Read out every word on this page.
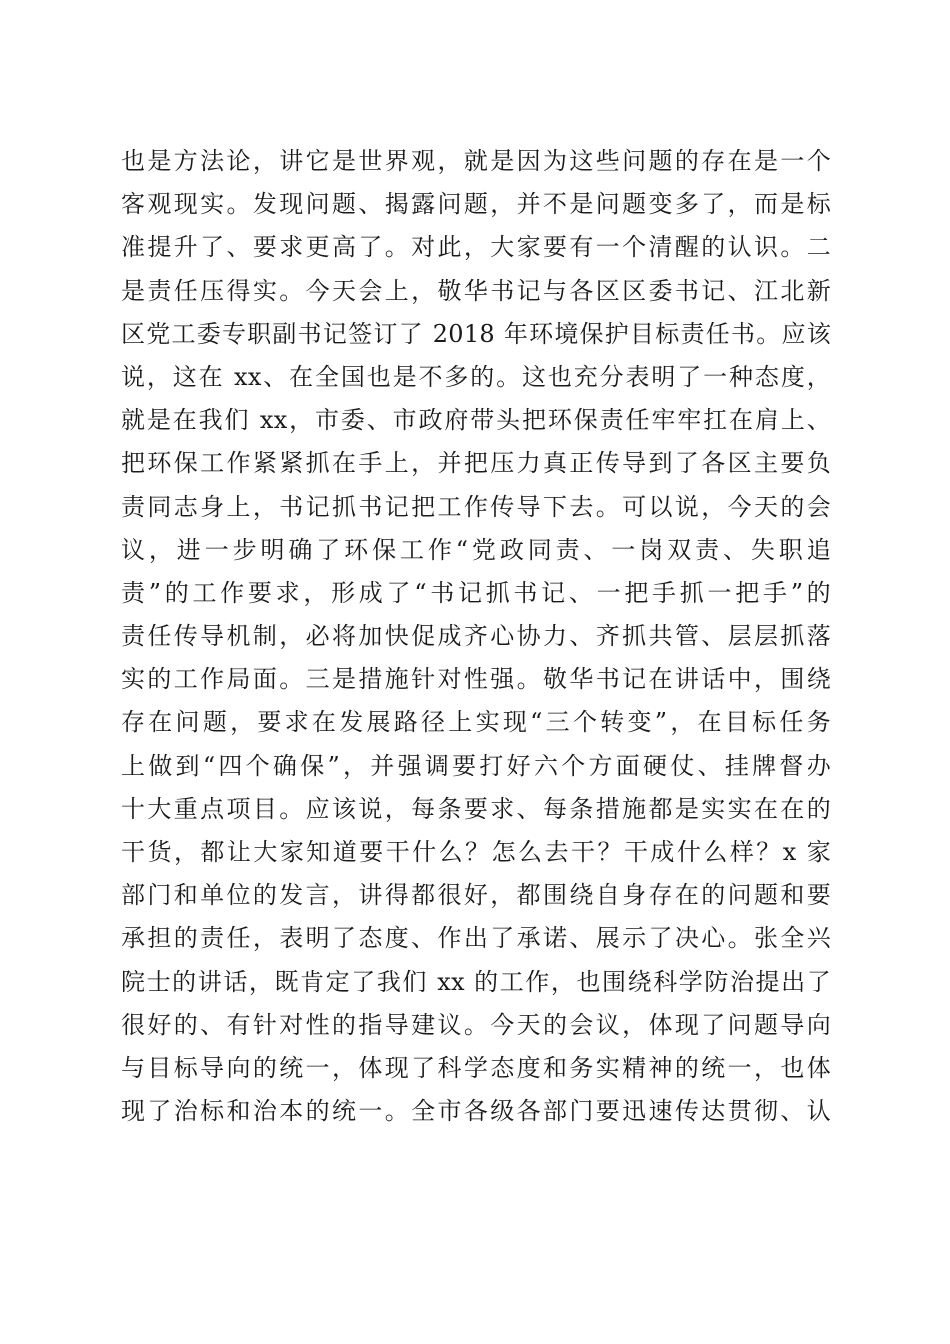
也是方法论，讲它是世界观，就是因为这些问题的存在是一个
客观现实。发现问题、揭露问题，并不是问题变多了，而是标
准提升了、要求更高了。对此，大家要有一个清醒的认识。二
是责任压得实。今天会上，敬华书记与各区区委书记、江北新
区党工委专职副书记签订了 2018 年环境保护目标责任书。应该
说，这在 xx、在全国也是不多的。这也充分表明了一种态度，
就是在我们 xx，市委、市政府带头把环保责任牢牢扛在肩上、
把环保工作紧紧抓在手上，并把压力真正传导到了各区主要负
责同志身上，书记抓书记把工作传导下去。可以说，今天的会
议，进一步明确了环保工作“党政同责、一岗双责、失职追
责”的工作要求，形成了“书记抓书记、一把手抓一把手”的
责任传导机制，必将加快促成齐心协力、齐抓共管、层层抓落
实的工作局面。三是措施针对性强。敬华书记在讲话中，围绕
存在问题，要求在发展路径上实现“三个转变”，在目标任务
上做到“四个确保”，并强调要打好六个方面硬仗、挂牌督办
十大重点项目。应该说，每条要求、每条措施都是实实在在的
干货，都让大家知道要干什么？怎么去干？干成什么样？x 家
部门和单位的发言，讲得都很好，都围绕自身存在的问题和要
承担的责任，表明了态度、作出了承诺、展示了决心。张全兴
院士的讲话，既肯定了我们 xx 的工作，也围绕科学防治提出了
很好的、有针对性的指导建议。今天的会议，体现了问题导向
与目标导向的统一，体现了科学态度和务实精神的统一，也体
现了治标和治本的统一。全市各级各部门要迅速传达贯彻、认
